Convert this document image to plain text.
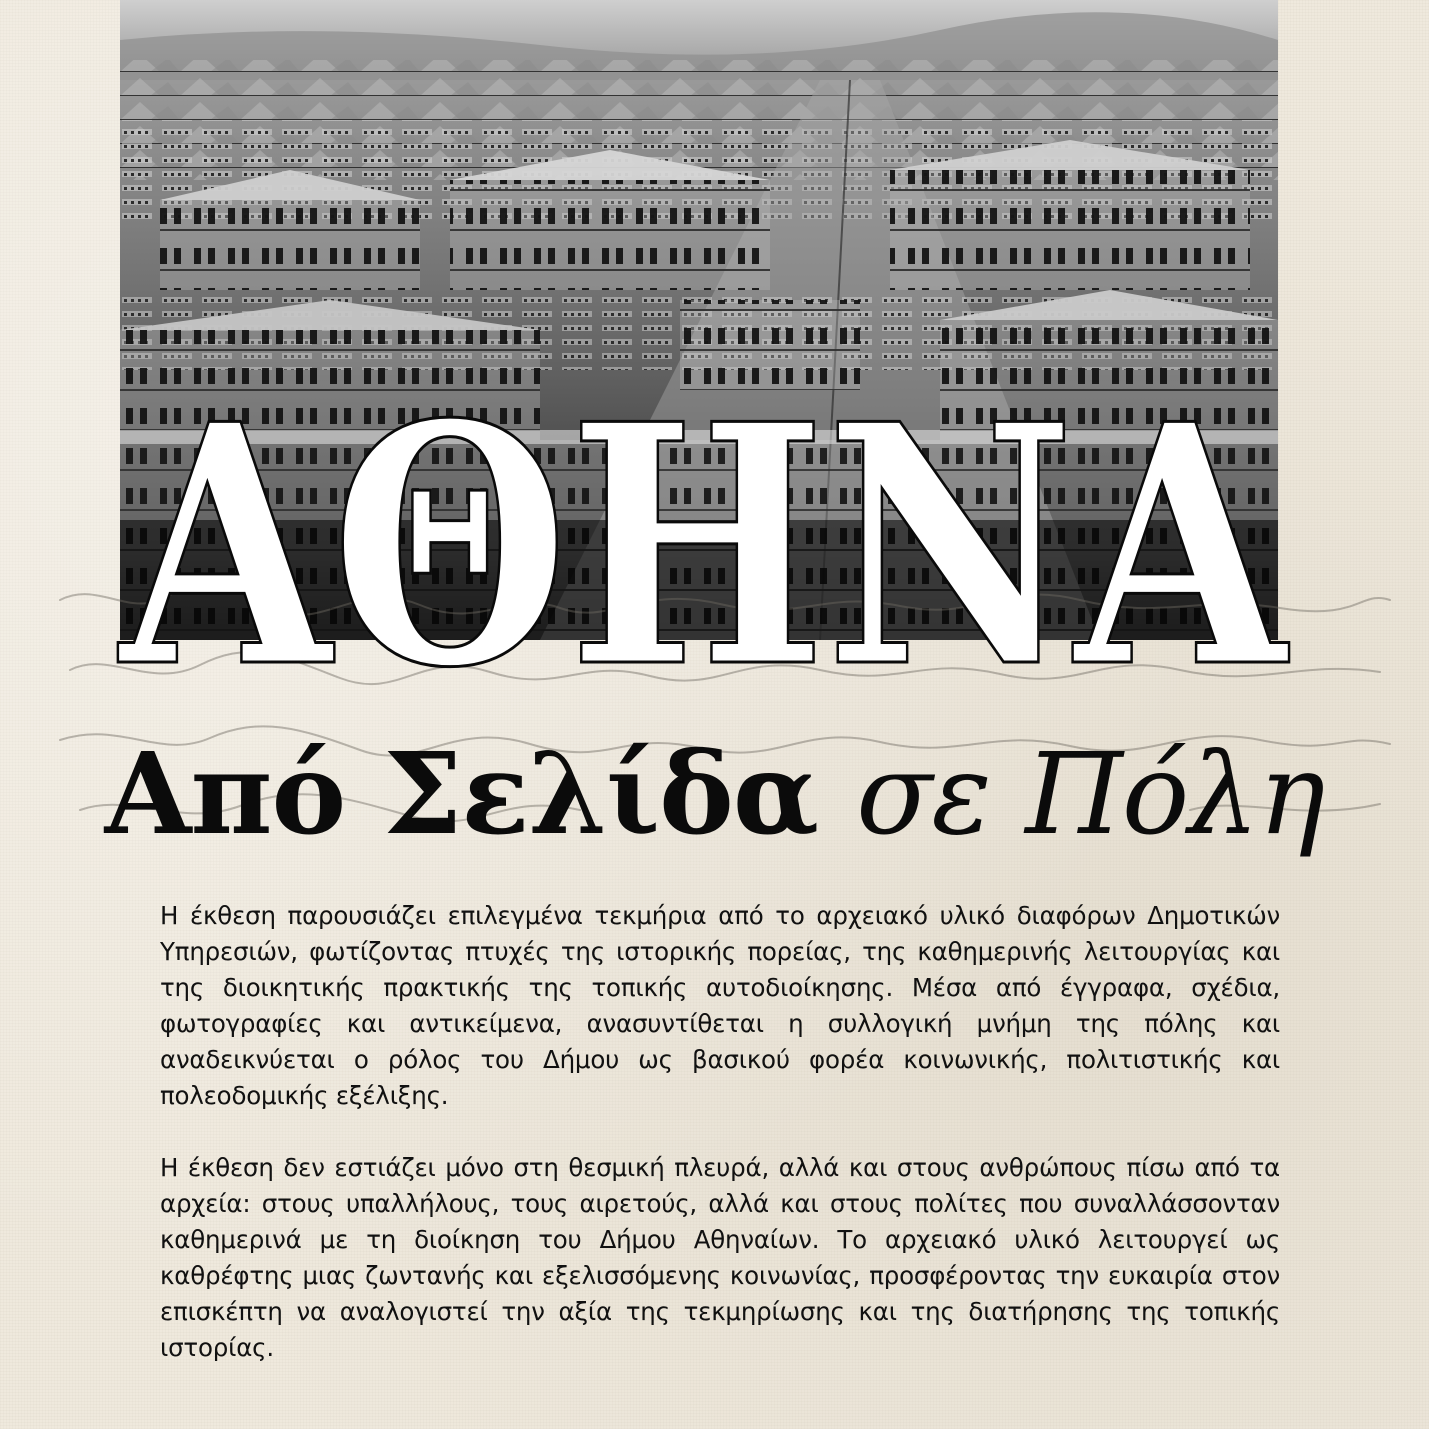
ΑΘΗΝΑ
Από Σελίδα σε Πόλη

Η έκθεση παρουσιάζει επιλεγμένα τεκμήρια από το αρχειακό υλικό διαφόρων Δημοτικών Υπηρεσιών, φωτίζοντας πτυχές της ιστορικής πορείας, της καθημερινής λειτουργίας και της διοικητικής πρακτικής της τοπικής αυτοδιοίκησης. Μέσα από έγγραφα, σχέδια, φωτογραφίες και αντικείμενα, ανασυντίθεται η συλλογική μνήμη της πόλης και αναδεικνύεται ο ρόλος του Δήμου ως βασικού φορέα κοινωνικής, πολιτιστικής και πολεοδομικής εξέλιξης.

Η έκθεση δεν εστιάζει μόνο στη θεσμική πλευρά, αλλά και στους ανθρώπους πίσω από τα αρχεία: στους υπαλλήλους, τους αιρετούς, αλλά και στους πολίτες που συναλλάσσονταν καθημερινά με τη διοίκηση του Δήμου Αθηναίων. Το αρχειακό υλικό λειτουργεί ως καθρέφτης μιας ζωντανής και εξελισσόμενης κοινωνίας, προσφέροντας την ευκαιρία στον επισκέπτη να αναλογιστεί την αξία της τεκμηρίωσης και της διατήρησης της τοπικής ιστορίας.
